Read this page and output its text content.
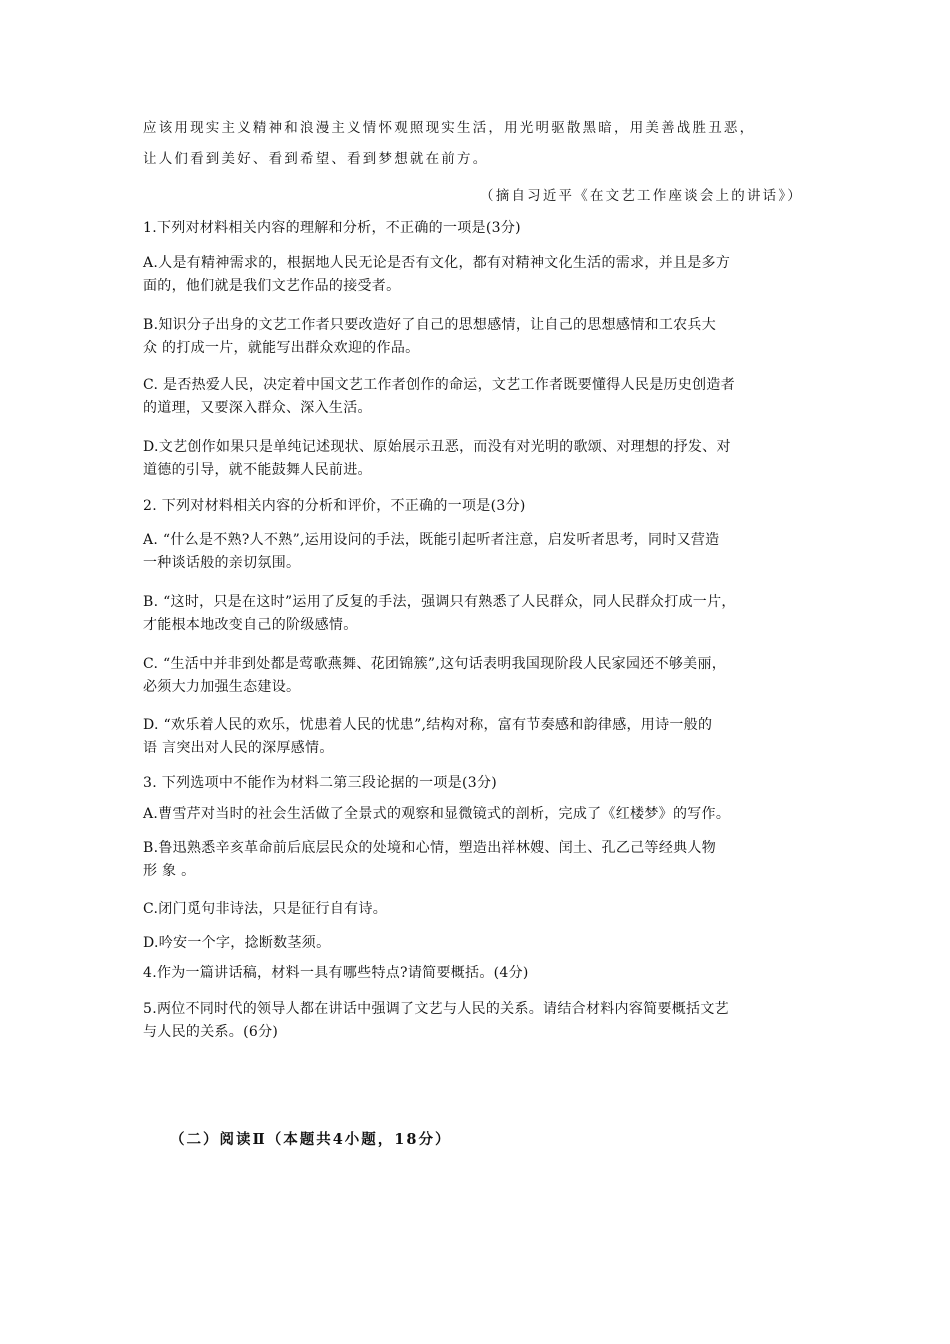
应该用现实主义精神和浪漫主义情怀观照现实生活，用光明驱散黑暗，用美善战胜丑恶，
让人们看到美好、看到希望、看到梦想就在前方。
（摘自习近平《在文艺工作座谈会上的讲话》）
1.下列对材料相关内容的理解和分析，不正确的一项是(3分)
A.人是有精神需求的，根据地人民无论是否有文化，都有对精神文化生活的需求，并且是多方
面的，他们就是我们文艺作品的接受者。
B.知识分子出身的文艺工作者只要改造好了自己的思想感情，让自己的思想感情和工农兵大
众 的打成一片，就能写出群众欢迎的作品。
C. 是否热爱人民，决定着中国文艺工作者创作的命运，文艺工作者既要懂得人民是历史创造者
的道理，又要深入群众、深入生活。
D.文艺创作如果只是单纯记述现状、原始展示丑恶，而没有对光明的歌颂、对理想的抒发、对
道德的引导，就不能鼓舞人民前进。
2. 下列对材料相关内容的分析和评价，不正确的一项是(3分)
A. “什么是不熟?人不熟”,运用设问的手法，既能引起听者注意，启发听者思考，同时又营造
一种谈话般的亲切氛围。
B. “这时，只是在这时”运用了反复的手法，强调只有熟悉了人民群众，同人民群众打成一片，
才能根本地改变自己的阶级感情。
C. “生活中并非到处都是莺歌燕舞、花团锦簇”,这句话表明我国现阶段人民家园还不够美丽，
必须大力加强生态建设。
D. “欢乐着人民的欢乐，忧患着人民的忧患”,结构对称，富有节奏感和韵律感，用诗一般的
语 言突出对人民的深厚感情。
3. 下列选项中不能作为材料二第三段论据的一项是(3分)
A.曹雪芹对当时的社会生活做了全景式的观察和显微镜式的剖析，完成了《红楼梦》的写作。
B.鲁迅熟悉辛亥革命前后底层民众的处境和心情，塑造出祥林嫂、闰土、孔乙己等经典人物
形 象 。
C.闭门觅句非诗法，只是征行自有诗。
D.吟安一个字，捻断数茎须。
4.作为一篇讲话稿，材料一具有哪些特点?请简要概括。(4分)
5.两位不同时代的领导人都在讲话中强调了文艺与人民的关系。请结合材料内容简要概括文艺
与人民的关系。(6分)
（二）阅读Ⅱ（本题共4小题，18分）
